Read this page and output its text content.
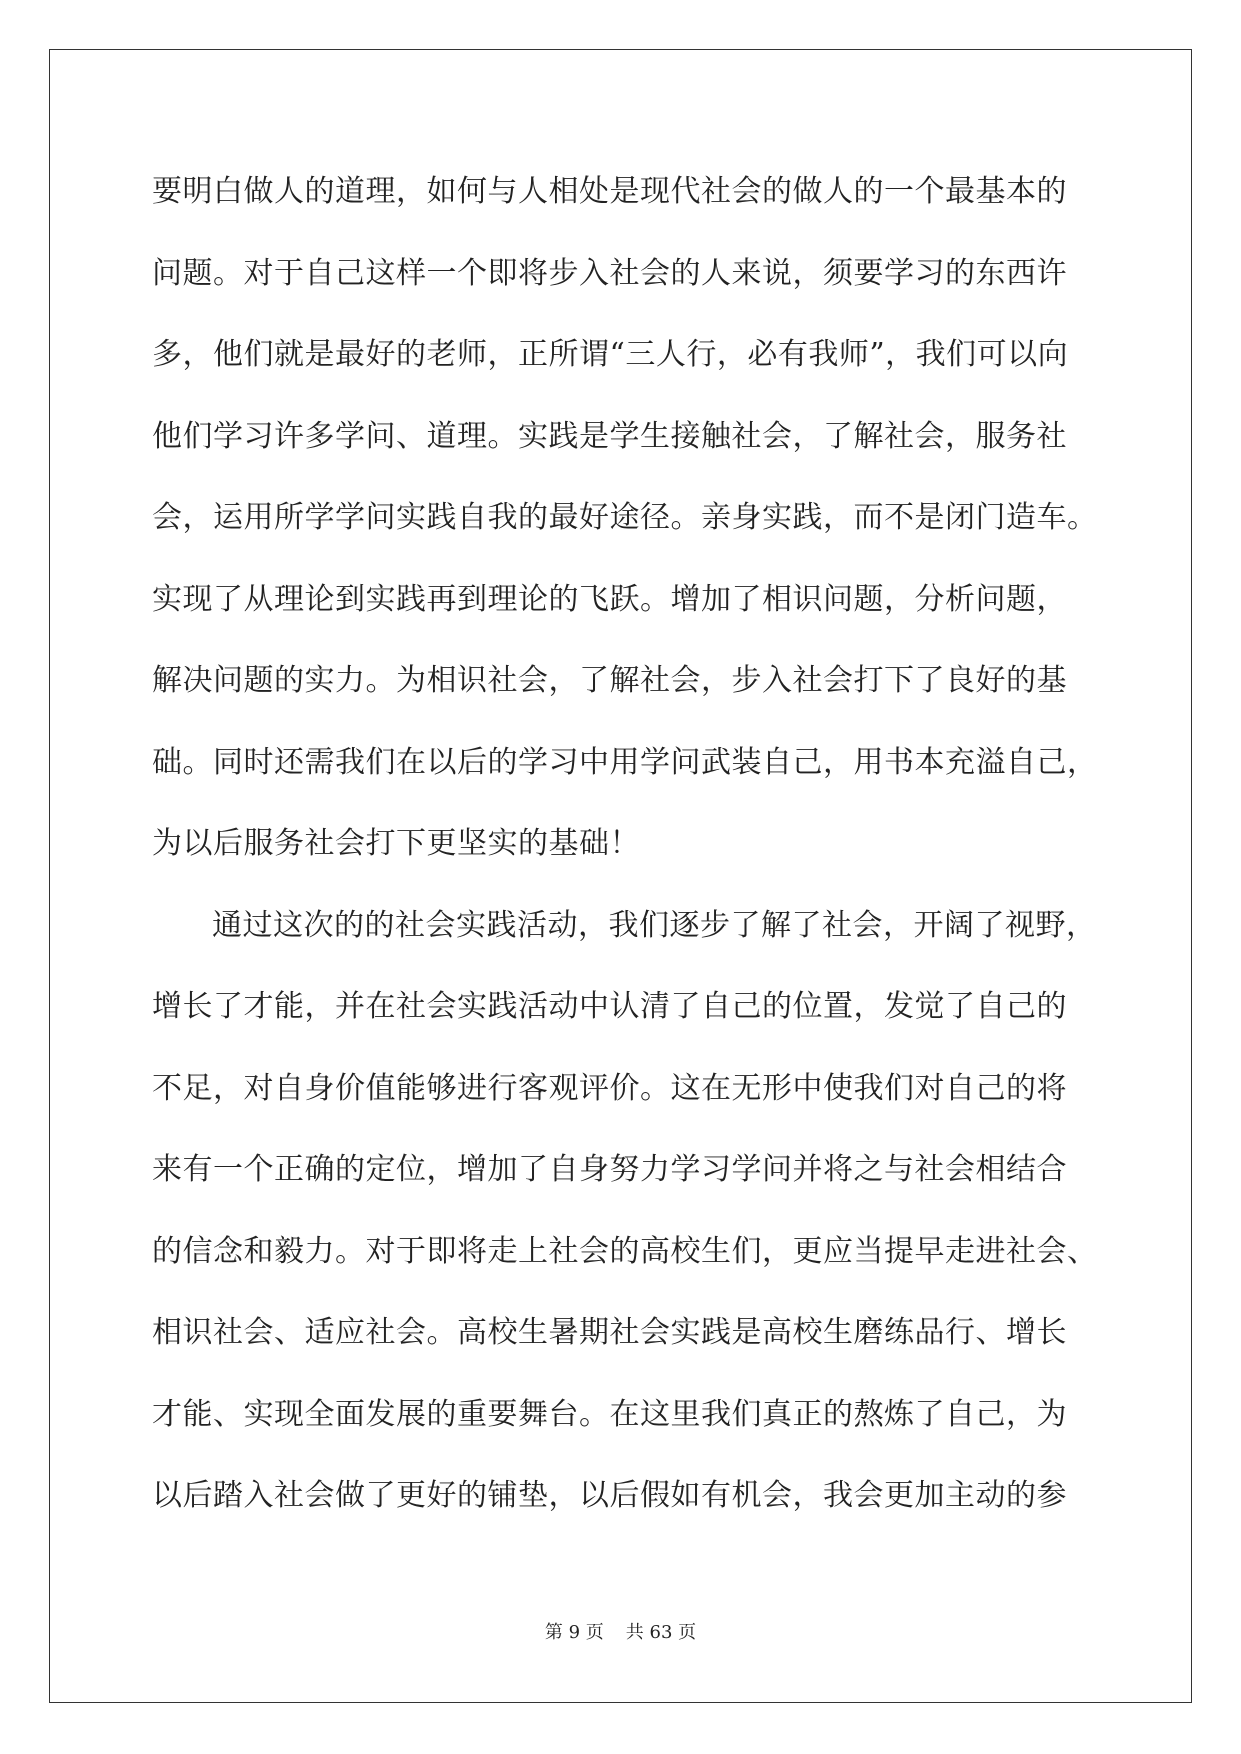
要明白做人的道理，如何与人相处是现代社会的做人的一个最基本的
问题。对于自己这样一个即将步入社会的人来说，须要学习的东西许
多，他们就是最好的老师，正所谓“三人行，必有我师”，我们可以向
他们学习许多学问、道理。实践是学生接触社会，了解社会，服务社
会，运用所学学问实践自我的最好途径。亲身实践，而不是闭门造车。
实现了从理论到实践再到理论的飞跃。增加了相识问题，分析问题，
解决问题的实力。为相识社会，了解社会，步入社会打下了良好的基
础。同时还需我们在以后的学习中用学问武装自己，用书本充溢自己，
为以后服务社会打下更坚实的基础！
通过这次的的社会实践活动，我们逐步了解了社会，开阔了视野，
增长了才能，并在社会实践活动中认清了自己的位置，发觉了自己的
不足，对自身价值能够进行客观评价。这在无形中使我们对自己的将
来有一个正确的定位，增加了自身努力学习学问并将之与社会相结合
的信念和毅力。对于即将走上社会的高校生们，更应当提早走进社会、
相识社会、适应社会。高校生暑期社会实践是高校生磨练品行、增长
才能、实现全面发展的重要舞台。在这里我们真正的熬炼了自己，为
以后踏入社会做了更好的铺垫，以后假如有机会，我会更加主动的参
第 9 页 共 63 页
